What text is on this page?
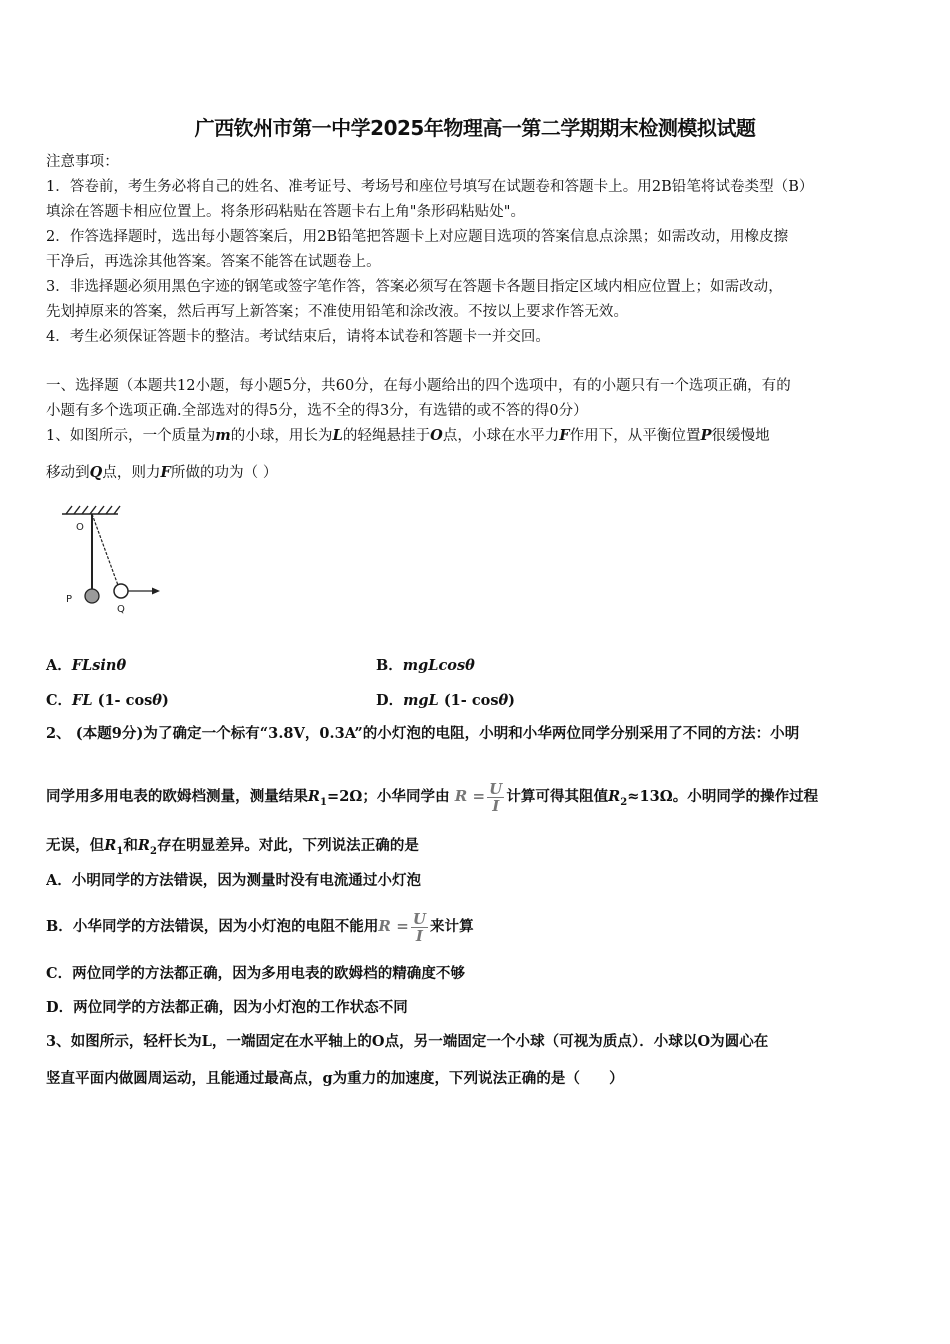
广西钦州市第一中学2025年物理高一第二学期期末检测模拟试题
注意事项：
1．答卷前，考生务必将自己的姓名、准考证号、考场号和座位号填写在试题卷和答题卡上。用2B铅笔将试卷类型（B）
填涂在答题卡相应位置上。将条形码粘贴在答题卡右上角"条形码粘贴处"。
2．作答选择题时，选出每小题答案后，用2B铅笔把答题卡上对应题目选项的答案信息点涂黑；如需改动，用橡皮擦
干净后，再选涂其他答案。答案不能答在试题卷上。
3．非选择题必须用黑色字迹的钢笔或签字笔作答，答案必须写在答题卡各题目指定区域内相应位置上；如需改动，
先划掉原来的答案，然后再写上新答案；不准使用铅笔和涂改液。不按以上要求作答无效。
4．考生必须保证答题卡的整洁。考试结束后，请将本试卷和答题卡一并交回。
一、选择题（本题共12小题，每小题5分，共60分，在每小题给出的四个选项中，有的小题只有一个选项正确，有的
小题有多个选项正确.全部选对的得5分，选不全的得3分，有选错的或不答的得0分）
1、如图所示，一个质量为m的小球，用长为L的轻绳悬挂于O点，小球在水平力F作用下，从平衡位置P很缓慢地
移动到Q点，则力F所做的功为（ ）
O
P
Q
A．FLsinθ	B．mgLcosθ
C．FL (1- cosθ)	D．mgL (1- cosθ)
2、 (本题9分)为了确定一个标有“3.8V，0.3A”的小灯泡的电阻，小明和小华两位同学分别采用了不同的方法：小明
同学用多用电表的欧姆档测量，测量结果$R_1=2\Omega$；小华同学由 $R = \frac{U}{I}$ 计算可得其阻值$R_2\approx 13\Omega$。小明同学的操作过程
无误，但$R_1$和$R_2$存在明显差异。对此，下列说法正确的是
A．小明同学的方法错误，因为测量时没有电流通过小灯泡
B．小华同学的方法错误，因为小灯泡的电阻不能用$R = \frac{U}{I}$ 来计算
C．两位同学的方法都正确，因为多用电表的欧姆档的精确度不够
D．两位同学的方法都正确，因为小灯泡的工作状态不同
3、如图所示，轻杆长为L，一端固定在水平轴上的O点，另一端固定一个小球（可视为质点）．小球以O为圆心在
竖直平面内做圆周运动，且能通过最高点，g为重力的加速度，下列说法正确的是（　　）
